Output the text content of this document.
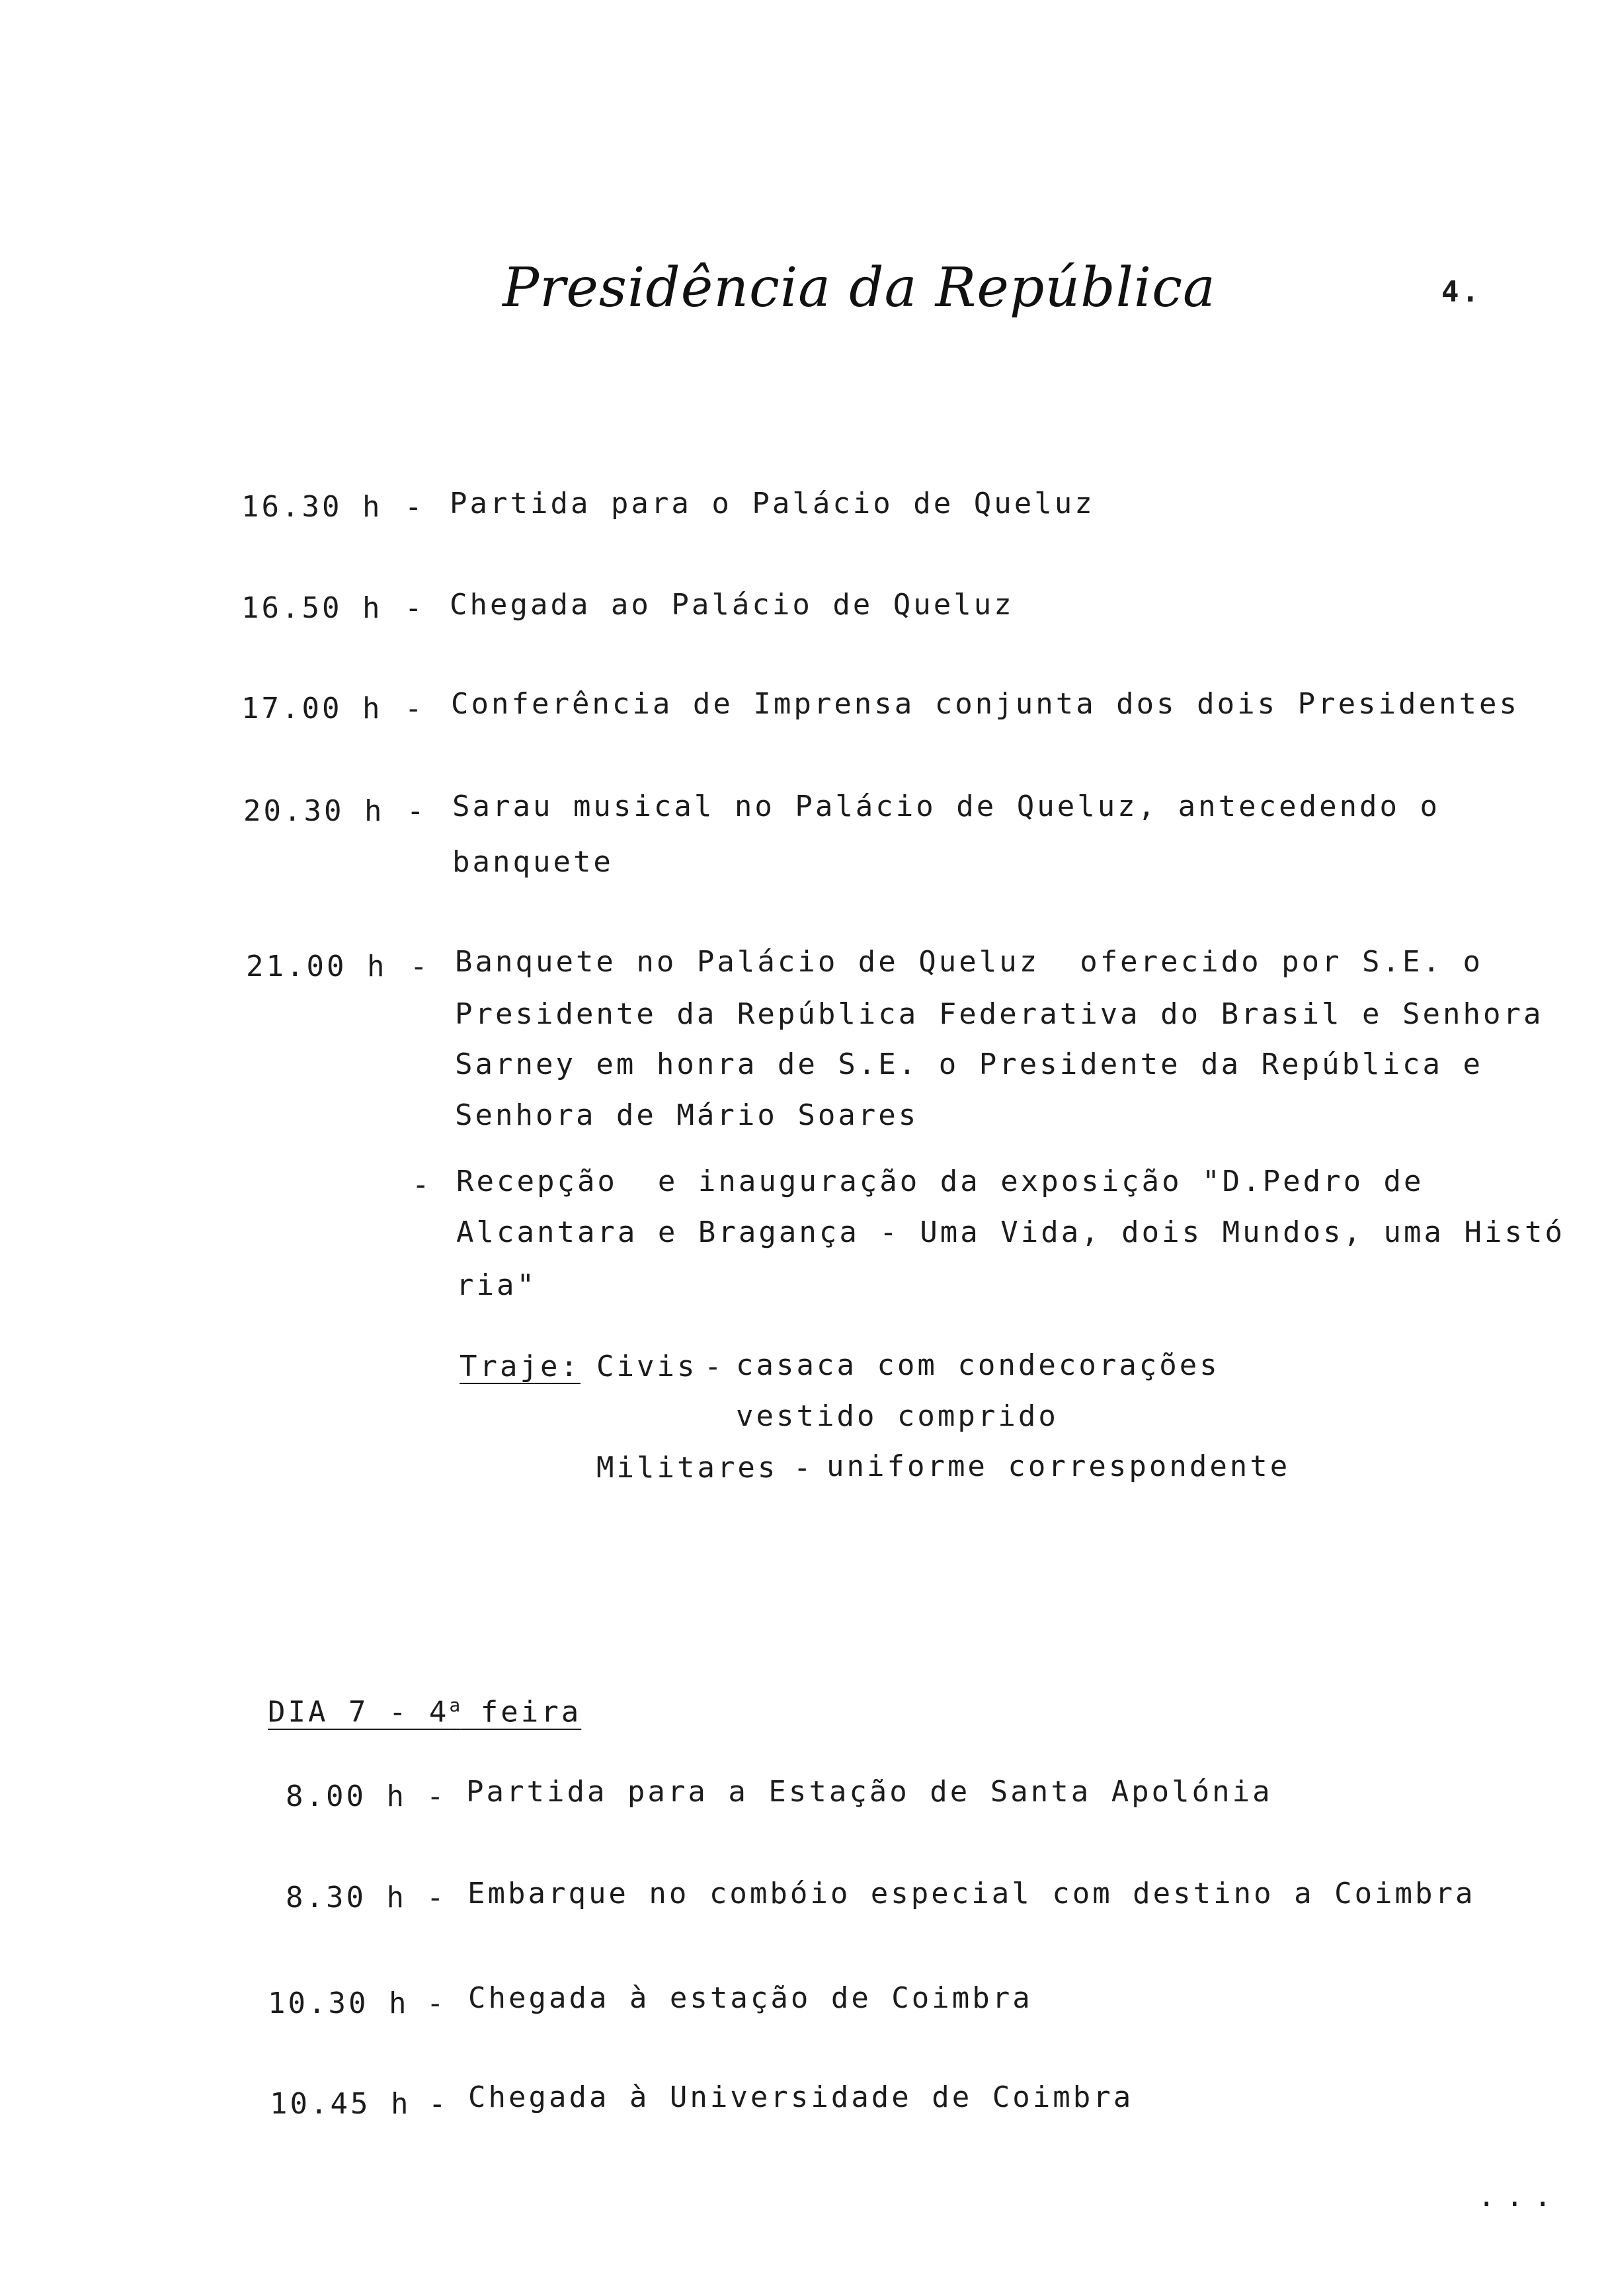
Presidência da República	4.
16.30 h - Partida para o Palácio de Queluz
16.50 h - Chegada ao Palácio de Queluz
17.00 h - Conferência de Imprensa conjunta dos dois Presidentes
20.30 h - Sarau musical no Palácio de Queluz, antecedendo o
banquete
21.00 h - Banquete no Palácio de Queluz  oferecido por S.E. o
Presidente da República Federativa do Brasil e Senhora
Sarney em honra de S.E. o Presidente da República e
Senhora de Mário Soares
- Recepção  e inauguração da exposição "D.Pedro de
Alcantara e Bragança - Uma Vida, dois Mundos, uma Histó
ria"
Traje: Civis - casaca com condecorações
vestido comprido
Militares - uniforme correspondente
DIA 7 - 4$^a$ feira
8.00 h - Partida para a Estação de Santa Apolónia
8.30 h - Embarque no combóio especial com destino a Coimbra
10.30 h - Chegada à estação de Coimbra
10.45 h - Chegada à Universidade de Coimbra
...
